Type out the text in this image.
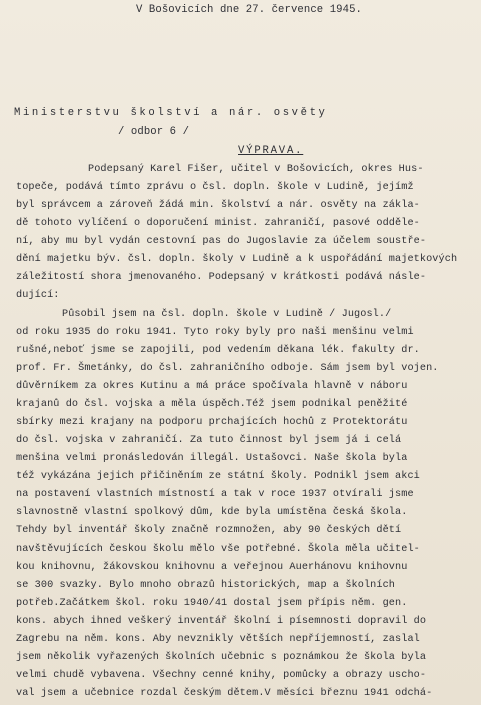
V Bošovicích dne 27. července 1945.
Ministerstvu školství a nár. osvěty
/ odbor 6 /
VÝPRAVA.
Podepsaný Karel Fišer, učitel v Bošovicích, okres Hus-
topeče, podává tímto zprávu o čsl. dopln. škole v Ludině, jejímž
byl správcem a zároveň žádá min. školství a nár. osvěty na zákla-
dě tohoto vylíčení o doporučení minist. zahraničí, pasové odděle-
ní, aby mu byl vydán cestovní pas do Jugoslavie za účelem soustře-
dění majetku býv. čsl. dopln. školy v Ludině a k uspořádání majetkových
záležitostí shora jmenovaného. Podepsaný v krátkosti podává násle-
dující:
Působil jsem na čsl. dopln. škole v Ludině / Jugosl./
od roku 1935 do roku 1941. Tyto roky byly pro naši menšinu velmi
rušné,neboť jsme se zapojili, pod vedením děkana lék. fakulty dr.
prof. Fr. Šmetánky, do čsl. zahraničního odboje. Sám jsem byl vojen.
důvěrníkem za okres Kutinu a má práce spočívala hlavně v náboru
krajanů do čsl. vojska a měla úspěch.Též jsem podnikal peněžité
sbírky mezi krajany na podporu prchajících hochů z Protektorátu
do čsl. vojska v zahraničí. Za tuto činnost byl jsem já i celá
menšina velmi pronásledován illegál. Ustašovci. Naše škola byla
též vykázána jejich přičiněním ze státní školy. Podnikl jsem akci
na postavení vlastních místností a tak v roce 1937 otvírali jsme
slavnostně vlastní spolkový dům, kde byla umístěna česká škola.
Tehdy byl inventář školy značně rozmnožen, aby 90 českých dětí
navštěvujících českou školu mělo vše potřebné. Škola měla učitel-
kou knihovnu, žákovskou knihovnu a veřejnou Auerhánovu knihovnu
se 300 svazky. Bylo mnoho obrazů historických, map a školních
potřeb.Začátkem škol. roku 1940/41 dostal jsem přípis něm. gen.
kons. abych ihned veškerý inventář školní i písemnosti dopravil do
Zagrebu na něm. kons. Aby nevznikly větších nepříjemností, zaslal
jsem několik vyřazených školních učebnic s poznámkou že škola byla
velmi chudě vybavena. Všechny cenné knihy, pomůcky a obrazy uscho-
val jsem a učebnice rozdal českým dětem.V měsíci březnu 1941 odchá-
